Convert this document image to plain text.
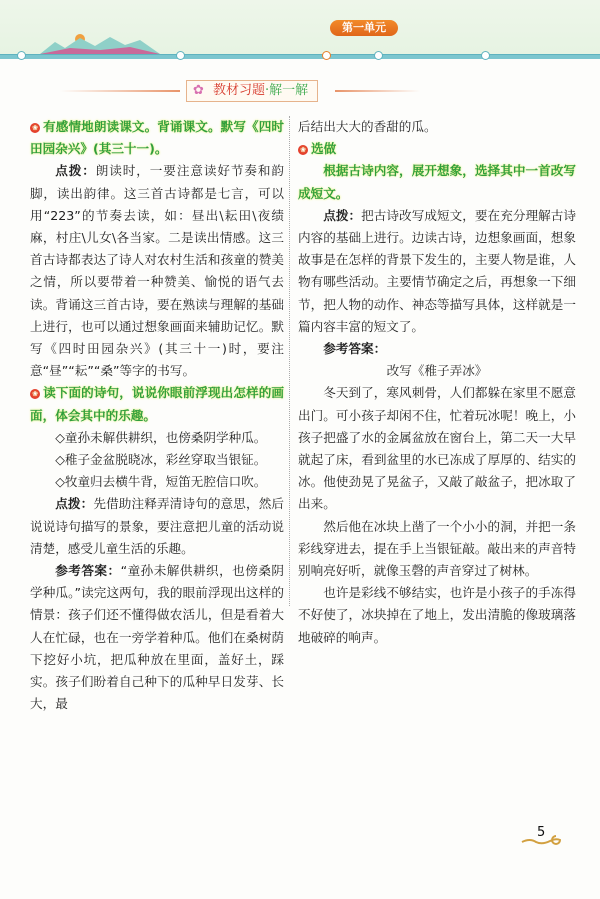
第一单元
✿ 教材习题·解一解

❀ 有感情地朗读课文。背诵课文。默写《四时田园杂兴》(其三十一)。

点拨：朗读时，一要注意读好节奏和韵脚，读出韵律。这三首古诗都是七言，可以用“223”的节奏去读，如：昼出\耘田\夜绩麻，村庄\儿女\各当家。二是读出情感。这三首古诗都表达了诗人对农村生活和孩童的赞美之情，所以要带着一种赞美、愉悦的语气去读。背诵这三首古诗，要在熟读与理解的基础上进行，也可以通过想象画面来辅助记忆。默写《四时田园杂兴》(其三十一)时，要注意“昼”“耘”“桑”等字的书写。

❀ 读下面的诗句，说说你眼前浮现出怎样的画面，体会其中的乐趣。

◇童孙未解供耕织，也傍桑阴学种瓜。

◇稚子金盆脱晓冰，彩丝穿取当银钲。

◇牧童归去横牛背，短笛无腔信口吹。

点拨：先借助注释弄清诗句的意思，然后说说诗句描写的景象，要注意把儿童的活动说清楚，感受儿童生活的乐趣。

参考答案：“童孙未解供耕织，也傍桑阴学种瓜。”读完这两句，我的眼前浮现出这样的情景：孩子们还不懂得做农活儿，但是看着大人在忙碌，也在一旁学着种瓜。他们在桑树荫下挖好小坑，把瓜种放在里面，盖好土，踩实。孩子们盼着自己种下的瓜种早日发芽、长大，最

后结出大大的香甜的瓜。

❀ 选做

根据古诗内容，展开想象，选择其中一首改写成短文。

点拨：把古诗改写成短文，要在充分理解古诗内容的基础上进行。边读古诗，边想象画面，想象故事是在怎样的背景下发生的，主要人物是谁，人物有哪些活动。主要情节确定之后，再想象一下细节，把人物的动作、神态等描写具体，这样就是一篇内容丰富的短文了。

参考答案：

改写《稚子弄冰》

冬天到了，寒风刺骨，人们都躲在家里不愿意出门。可小孩子却闲不住，忙着玩冰呢！晚上，小孩子把盛了水的金属盆放在窗台上，第二天一大早就起了床，看到盆里的水已冻成了厚厚的、结实的冰。他使劲晃了晃盆子，又敲了敲盆子，把冰取了出来。

然后他在冰块上凿了一个小小的洞，并把一条彩线穿进去，提在手上当银钲敲。敲出来的声音特别响亮好听，就像玉磬的声音穿过了树林。

也许是彩线不够结实，也许是小孩子的手冻得不好使了，冰块掉在了地上，发出清脆的像玻璃落地破碎的响声。

5
